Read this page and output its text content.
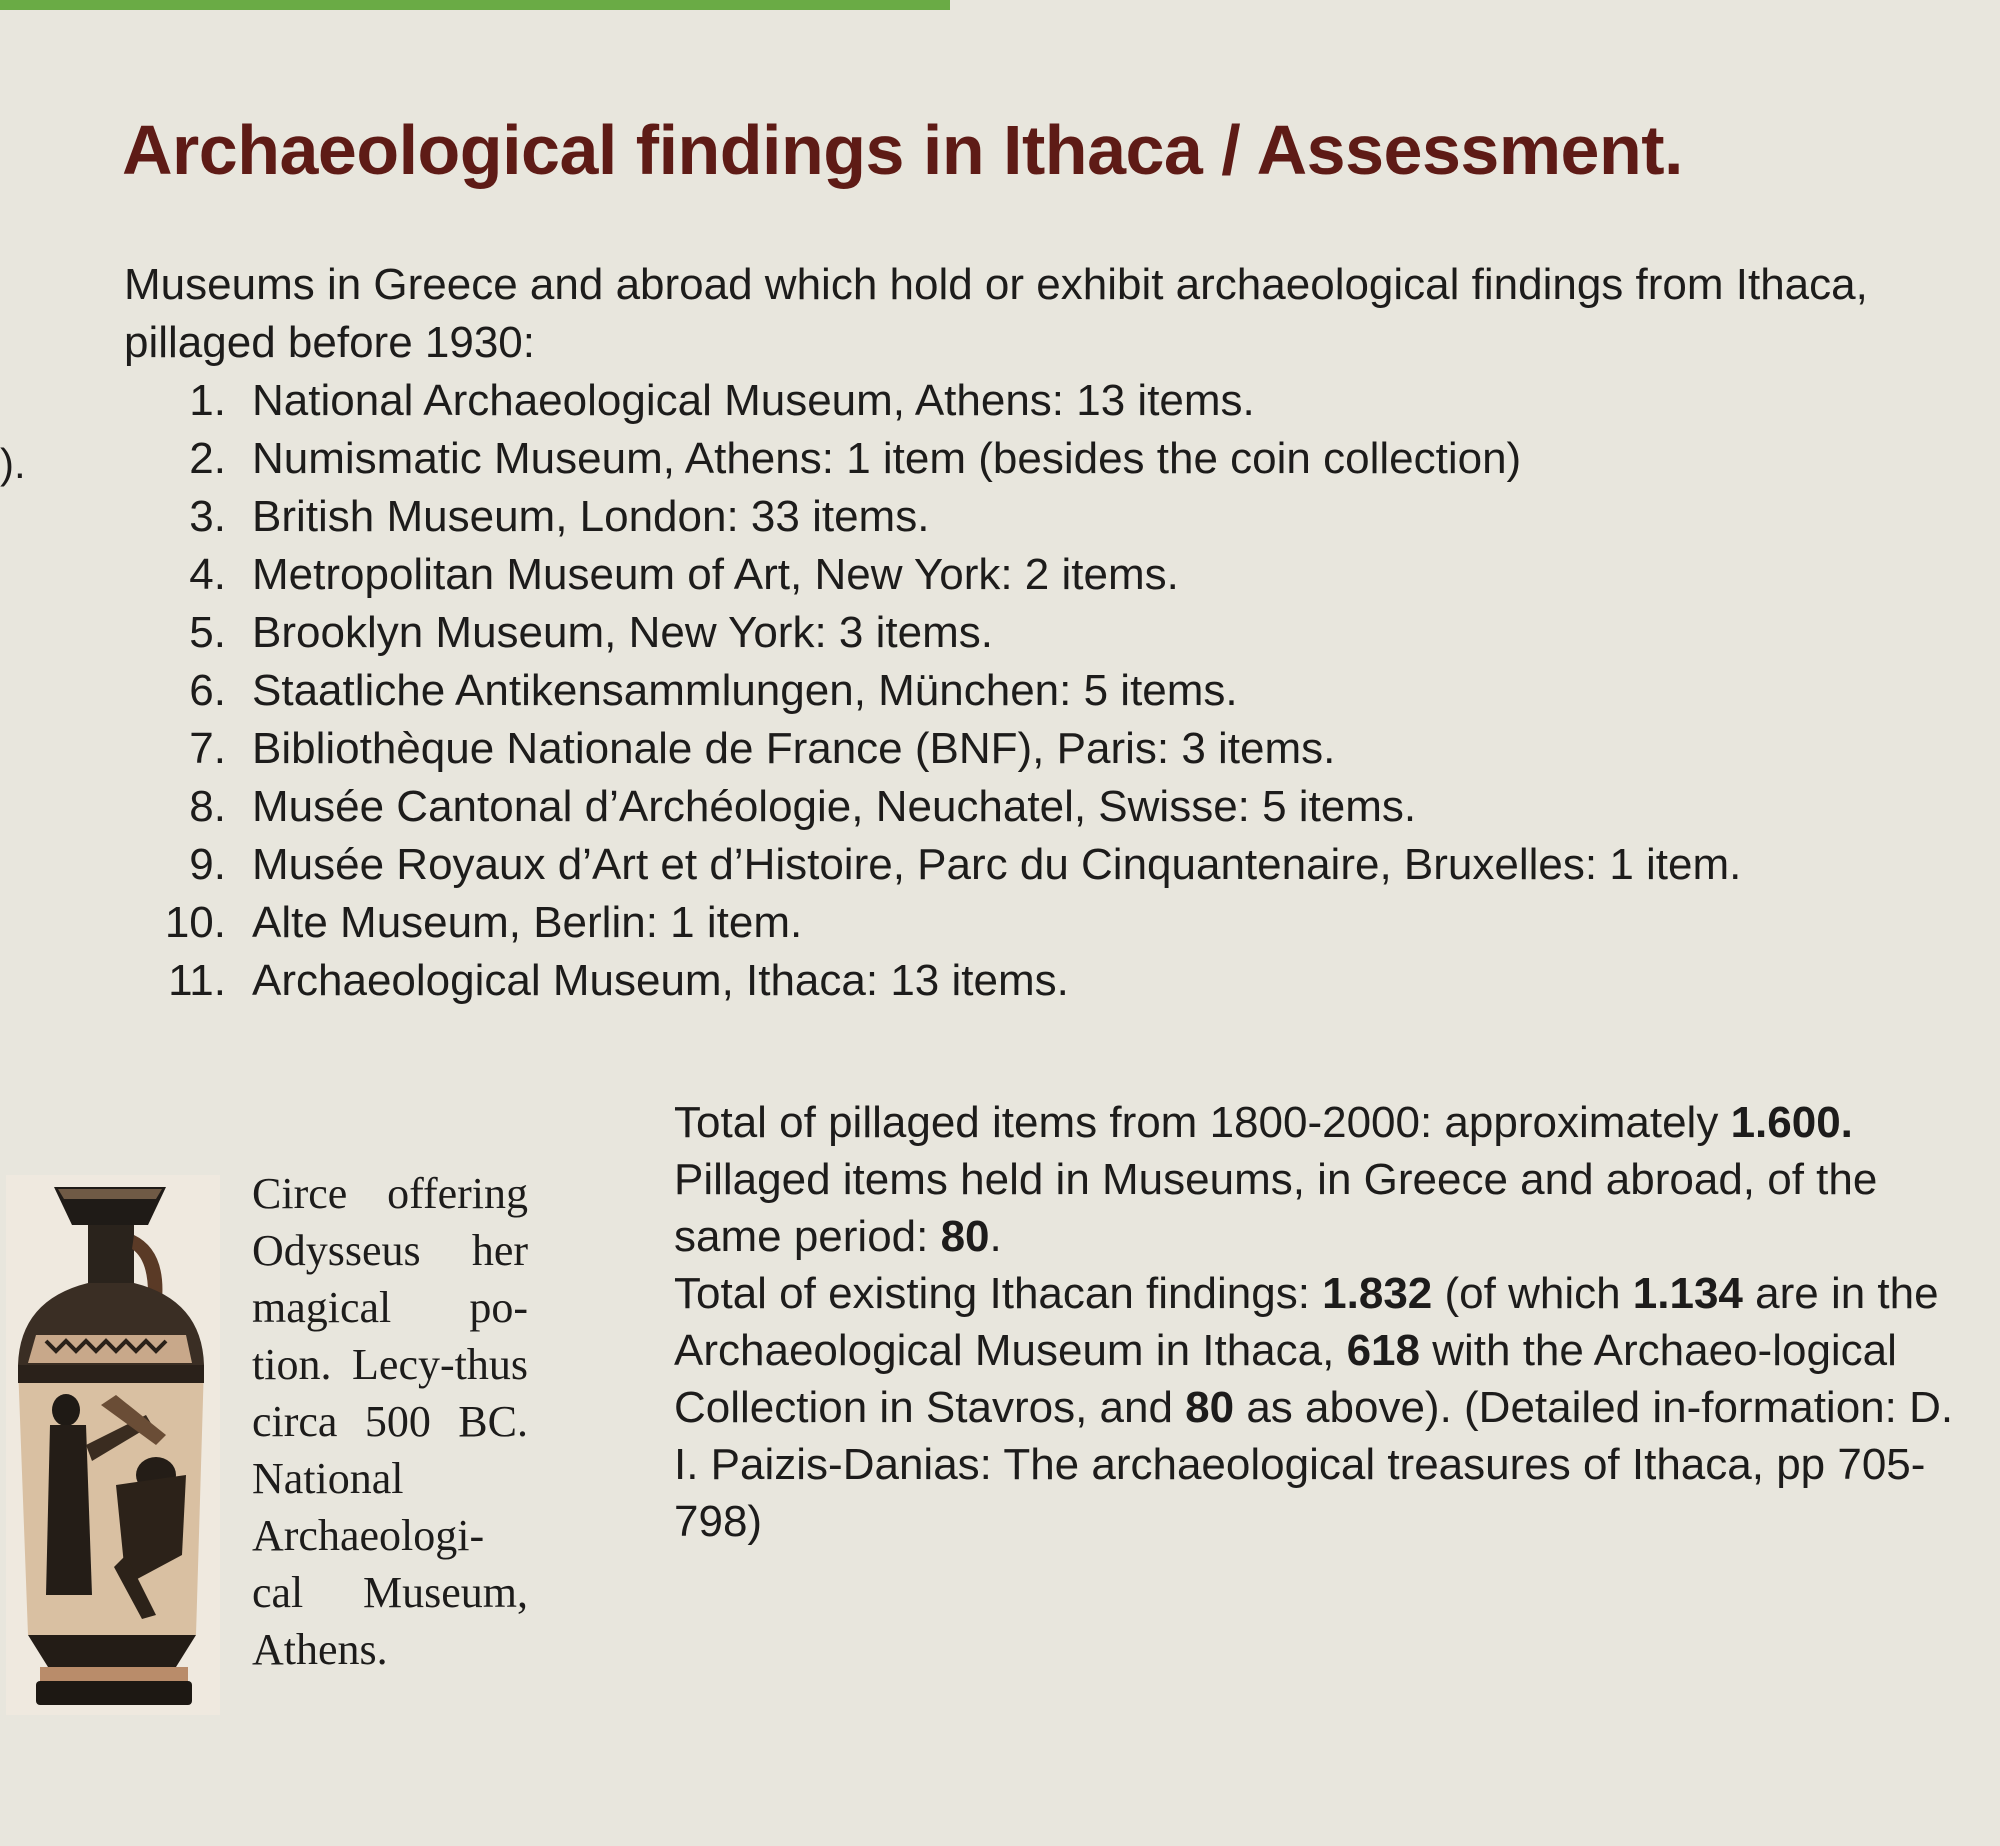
).
Archaeological findings in Ithaca / Assessment.
Museums in Greece and abroad which hold or exhibit archaeological findings from Ithaca, pillaged before 1930:
1. National Archaeological Museum, Athens: 13 items.
2. Numismatic Museum, Athens: 1 item (besides the coin collection)
3. British Museum, London: 33 items.
4. Metropolitan Museum of Art, New York: 2 items.
5. Brooklyn Museum, New York: 3 items.
6. Staatliche Antikensammlungen, München: 5 items.
7. Bibliothèque Nationale de France (BNF), Paris: 3 items.
8. Musée Cantonal d’Archéologie, Neuchatel, Swisse: 5 items.
9. Musée Royaux d’Art et d’Histoire, Parc du Cinquantenaire, Bruxelles: 1 item.
10. Alte Museum, Berlin: 1 item.
11. Archaeological Museum, Ithaca: 13 items.
Circe offering Odysseus her magical po-tion. Lecy-thus circa 500 BC. National Archaeologi-cal Museum, Athens.

Total of pillaged items from 1800-2000: approximately 1.600.

Pillaged items held in Museums, in Greece and abroad, of the same period: 80.

Total of existing Ithacan findings: 1.832 (of which 1.134 are in the Archaeological Museum in Ithaca, 618 with the Archaeo-logical Collection in Stavros, and 80 as above). (Detailed in-formation: D. I. Paizis-Danias: The archaeological treasures of Ithaca, pp 705-798)
